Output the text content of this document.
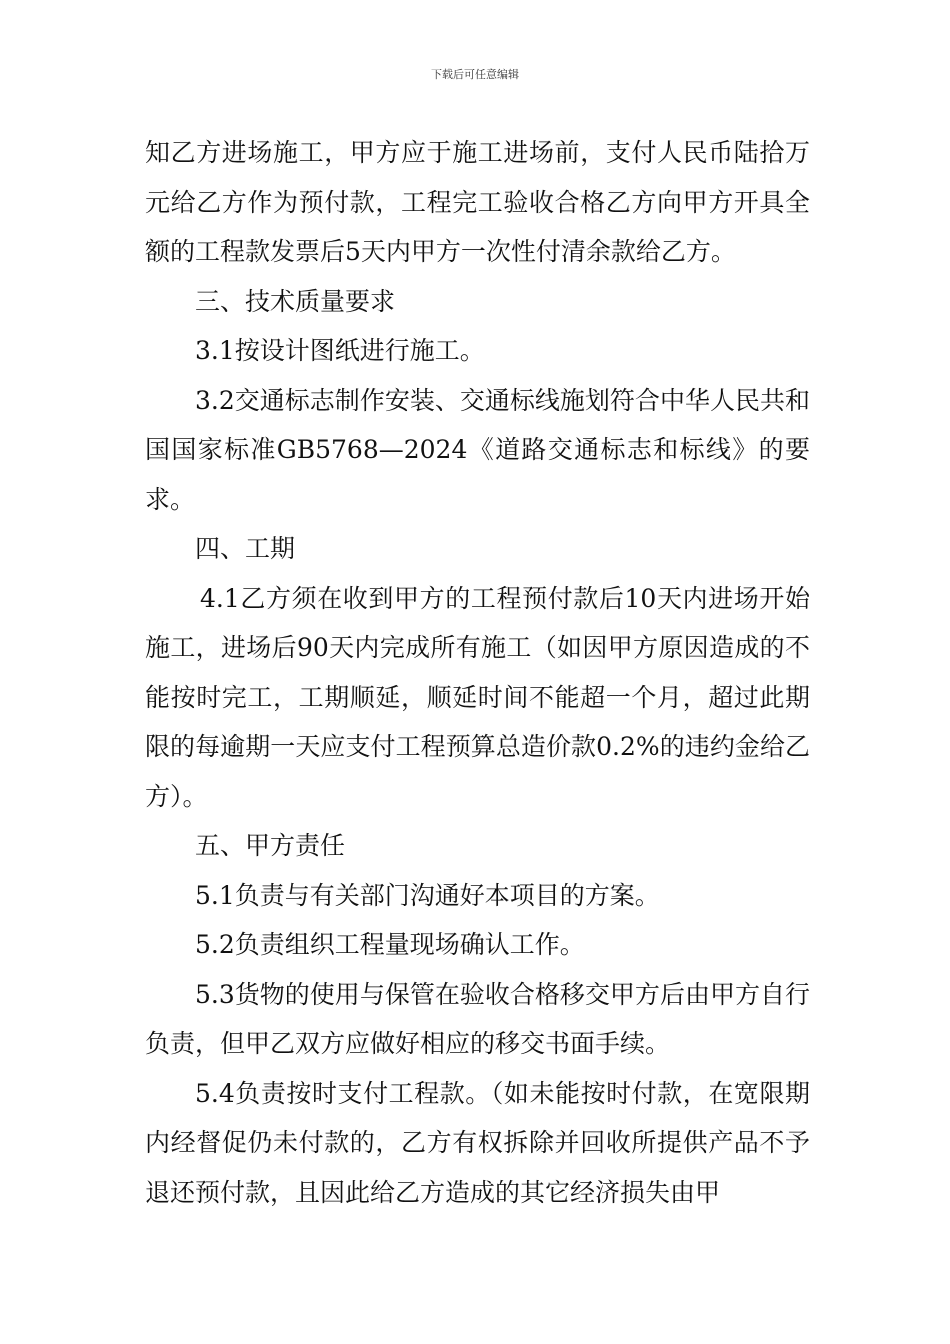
下载后可任意编辑

知乙方进场施工，甲方应于施工进场前，支付人民币陆拾万元给乙方作为预付款，工程完工验收合格乙方向甲方开具全额的工程款发票后5天内甲方一次性付清余款给乙方。

三、技术质量要求

3.1按设计图纸进行施工。

3.2交通标志制作安装、交通标线施划符合中华人民共和国国家标准GB5768—2024《道路交通标志和标线》的要求。

四、工期

4.1乙方须在收到甲方的工程预付款后10天内进场开始施工，进场后90天内完成所有施工（如因甲方原因造成的不能按时完工，工期顺延，顺延时间不能超一个月，超过此期限的每逾期一天应支付工程预算总造价款0.2%的违约金给乙方）。

五、甲方责任

5.1负责与有关部门沟通好本项目的方案。

5.2负责组织工程量现场确认工作。

5.3货物的使用与保管在验收合格移交甲方后由甲方自行负责，但甲乙双方应做好相应的移交书面手续。

5.4负责按时支付工程款。（如未能按时付款，在宽限期内经督促仍未付款的，乙方有权拆除并回收所提供产品不予退还预付款，且因此给乙方造成的其它经济损失由甲
